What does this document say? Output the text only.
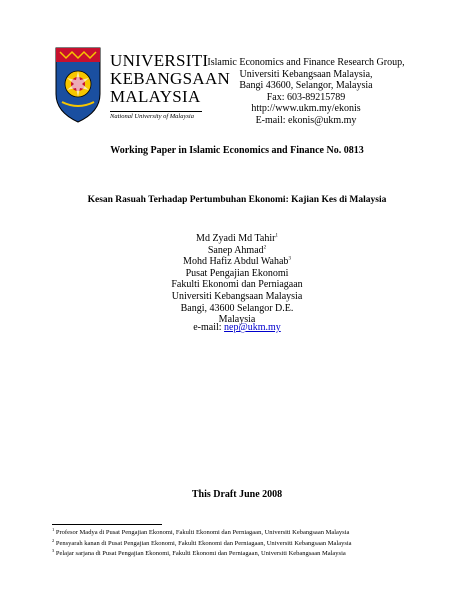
UNIVERSITI
KEBANGSAAN
MALAYSIA
National University of Malaysia
Islamic Economics and Finance Research Group,
Universiti Kebangsaan Malaysia,
Bangi 43600, Selangor, Malaysia
Fax: 603-89215789
http://www.ukm.my/ekonis
E-mail: ekonis@ukm.my
Working Paper in Islamic Economics and Finance No. 0813
Kesan Rasuah Terhadap Pertumbuhan Ekonomi: Kajian Kes di Malaysia
Md Zyadi Md Tahir$^1$
Sanep Ahmad$^2$
Mohd Hafiz Abdul Wahab$^3$
Pusat Pengajian Ekonomi
Fakulti Ekonomi dan Perniagaan
Universiti Kebangsaan Malaysia
Bangi, 43600 Selangor D.E.
Malaysia
e-mail: nep@ukm.my
This Draft June 2008
$^1$ Profesor Madya di Pusat Pengajian Ekonomi, Fakulti Ekonomi dan Perniagaan, Universiti Kebangsaan Malaysia
$^2$ Pensyarah kanan di Pusat Pengajian Ekonomi, Fakulti Ekonomi dan Perniagaan, Universiti Kebangsaan Malaysia
$^3$ Pelajar sarjana di Pusat Pengajian Ekonomi, Fakulti Ekonomi dan Perniagaan, Universiti Kebangsaan Malaysia
